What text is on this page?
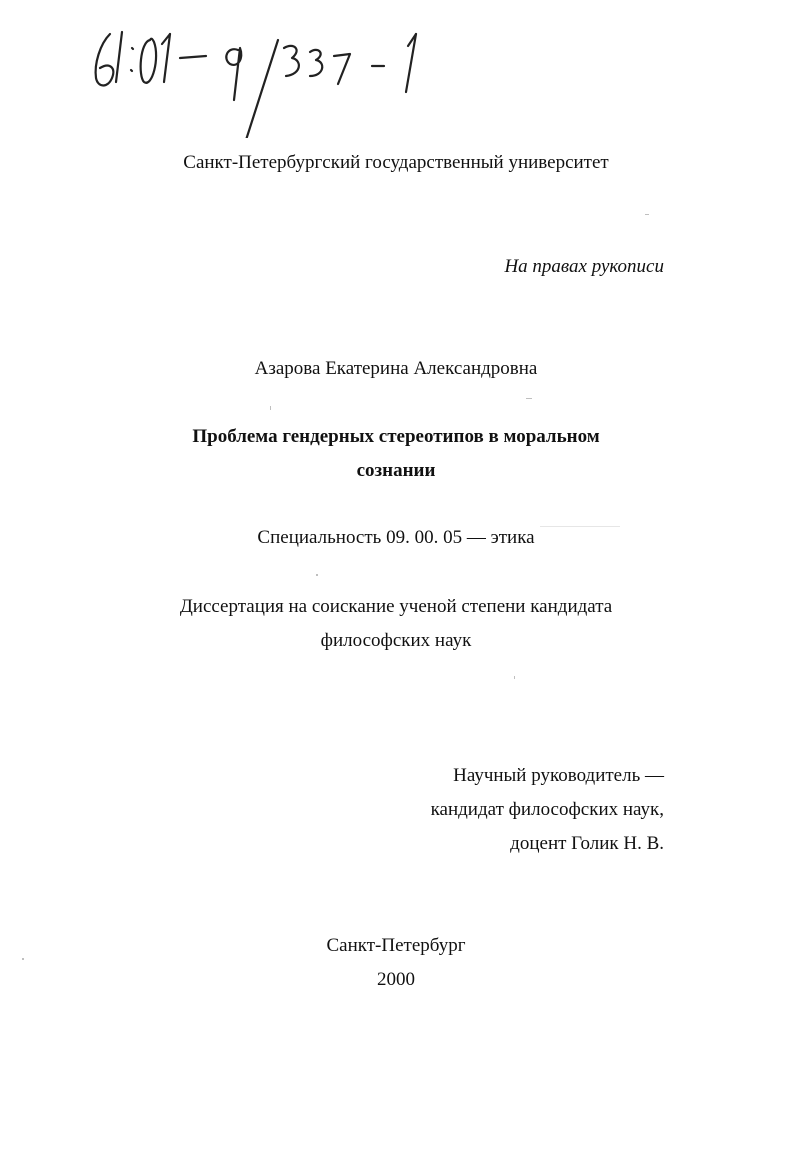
Санкт-Петербургский государственный университет
На правах рукописи
Азарова Екатерина Александровна
Проблема гендерных стереотипов в моральном
сознании
Специальность 09. 00. 05 — этика
Диссертация на соискание ученой степени кандидата
философских наук
Научный руководитель —
кандидат философских наук,
доцент Голик Н. В.
Санкт-Петербург
2000
